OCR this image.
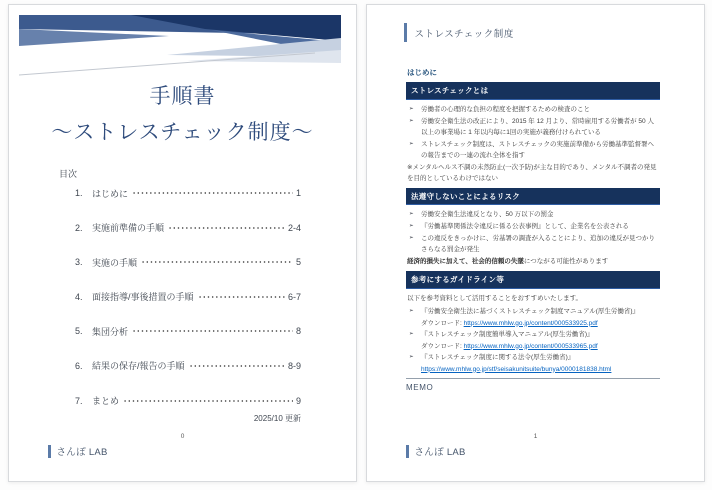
手順書
～ストレスチェック制度～
目次
1.	はじめに	1
2.	実施前準備の手順	2-4
3.	実施の手順	5
4.	面接指導/事後措置の手順	6-7
5.	集団分析	8
6.	結果の保存/報告の手順	8-9
7.	まとめ	9
2025/10 更新
0
さんぽ LAB
ストレスチェック制度
はじめに
ストレスチェックとは
➢	労働者の心理的な負担の程度を把握するための検査のこと
➢	労働安全衛生法の改正により、2015 年 12 月より、常時雇用する労働者が 50 人以上の事業場に 1 年以内毎に1回の実施が義務付けられている
➢	ストレスチェック制度は、ストレスチェックの実施前準備から労働基準監督署への報告までの一連の流れ全体を指す
※メンタルヘルス不調の未然防止(一次予防)が主な目的であり、メンタル不調者の発見を目的としているわけではない
法遵守しないことによるリスク
➢	労働安全衛生法違反となり、50 万以下の罰金
➢	『労働基準関係法令違反に係る公表事例』として、企業名を公表される
➢	この違反をきっかけに、労基署の調査が入ることにより、追加の違反が見つかりさらなる罰金が発生
経済的損失に加えて、社会的信頼の失墜につながる可能性があります
参考にするガイドライン等
以下を参考資料として活用することをおすすめいたします。
➢	『労働安全衛生法に基づくストレスチェック制度マニュアル(厚生労働省)』
ダウンロード: https://www.mhlw.go.jp/content/000533925.pdf
➢	『ストレスチェック制度簡単導入マニュアル(厚生労働省)』
ダウンロード: https://www.mhlw.go.jp/content/000533965.pdf
➢	『ストレスチェック制度に関する法令(厚生労働省)』
https://www.mhlw.go.jp/stf/seisakunitsuite/bunya/0000181838.html
MEMO
1
さんぽ LAB
